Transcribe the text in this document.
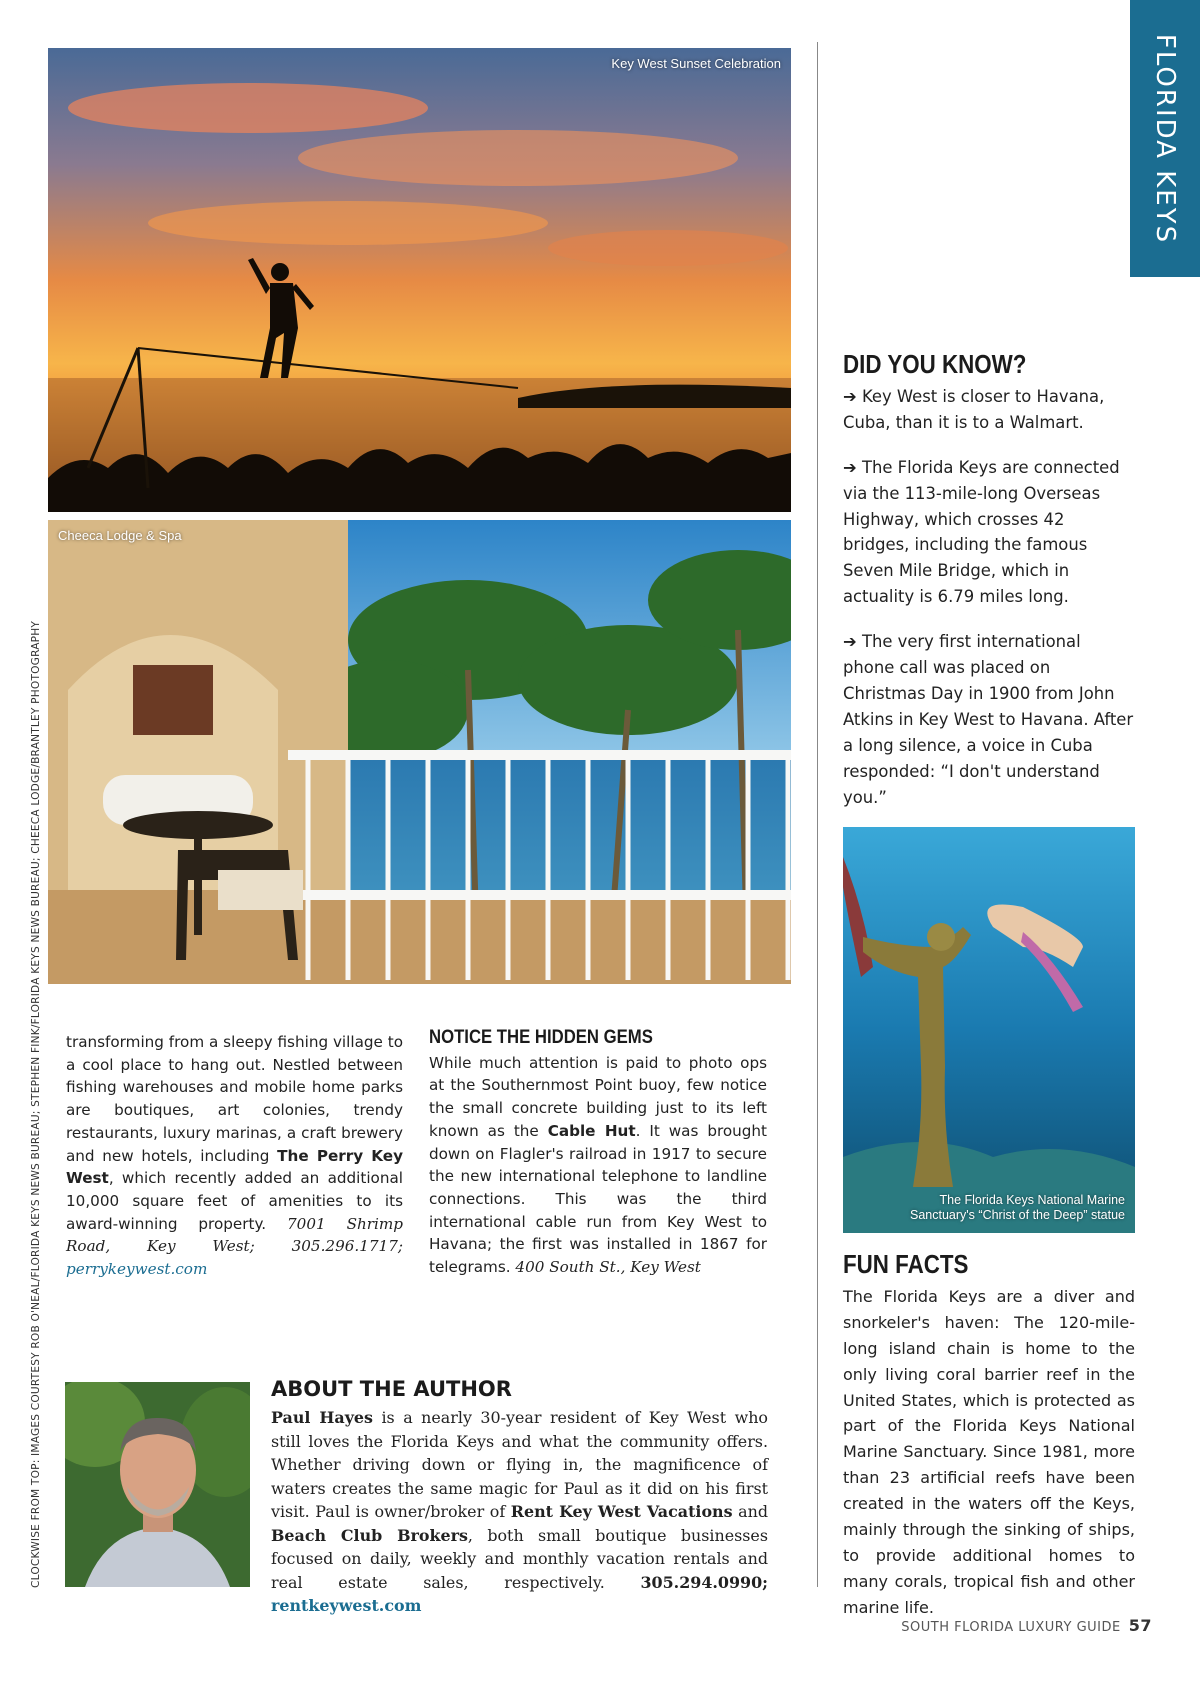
FLORIDA KEYS
CLOCKWISE FROM TOP: IMAGES COURTESY ROB O'NEAL/FLORIDA KEYS NEWS BUREAU; STEPHEN FINK/FLORIDA KEYS NEWS BUREAU; CHEECA LODGE/BRANTLEY PHOTOGRAPHY
Key West Sunset Celebration
Cheeca Lodge & Spa
transforming from a sleepy fishing village to a cool place to hang out. Nestled between fishing warehouses and mobile home parks are boutiques, art colonies, trendy restaurants, luxury marinas, a craft brewery and new hotels, including The Perry Key West, which recently added an additional 10,000 square feet of amenities to its award-winning property. 7001 Shrimp Road, Key West; 305.296.1717; perrykeywest.com
NOTICE THE HIDDEN GEMS
While much attention is paid to photo ops at the Southernmost Point buoy, few notice the small concrete building just to its left known as the Cable Hut. It was brought down on Flagler's railroad in 1917 to secure the new international telephone to landline connections. This was the third international cable run from Key West to Havana; the first was installed in 1867 for telegrams. 400 South St., Key West
ABOUT THE AUTHOR
Paul Hayes is a nearly 30-year resident of Key West who still loves the Florida Keys and what the community offers. Whether driving down or flying in, the magnificence of waters creates the same magic for Paul as it did on his first visit. Paul is owner/broker of Rent Key West Vacations and Beach Club Brokers, both small boutique businesses focused on daily, weekly and monthly vacation rentals and real estate sales, respectively. 305.294.0990; rentkeywest.com
DID YOU KNOW?

➔ Key West is closer to Havana, Cuba, than it is to a Walmart.

➔ The Florida Keys are connected via the 113-mile-long Overseas Highway, which crosses 42 bridges, including the famous Seven Mile Bridge, which in actuality is 6.79 miles long.

➔ The very first international phone call was placed on Christmas Day in 1900 from John Atkins in Key West to Havana. After a long silence, a voice in Cuba responded: “I don't understand you.”

The Florida Keys National Marine
Sanctuary's “Christ of the Deep” statue
FUN FACTS
The Florida Keys are a diver and snorkeler's haven: The 120-mile-long island chain is home to the only living coral barrier reef in the United States, which is protected as part of the Florida Keys National Marine Sanctuary. Since 1981, more than 23 artificial reefs have been created in the waters off the Keys, mainly through the sinking of ships, to provide additional homes to many corals, tropical fish and other marine life.
SOUTH FLORIDA LUXURY GUIDE 57
